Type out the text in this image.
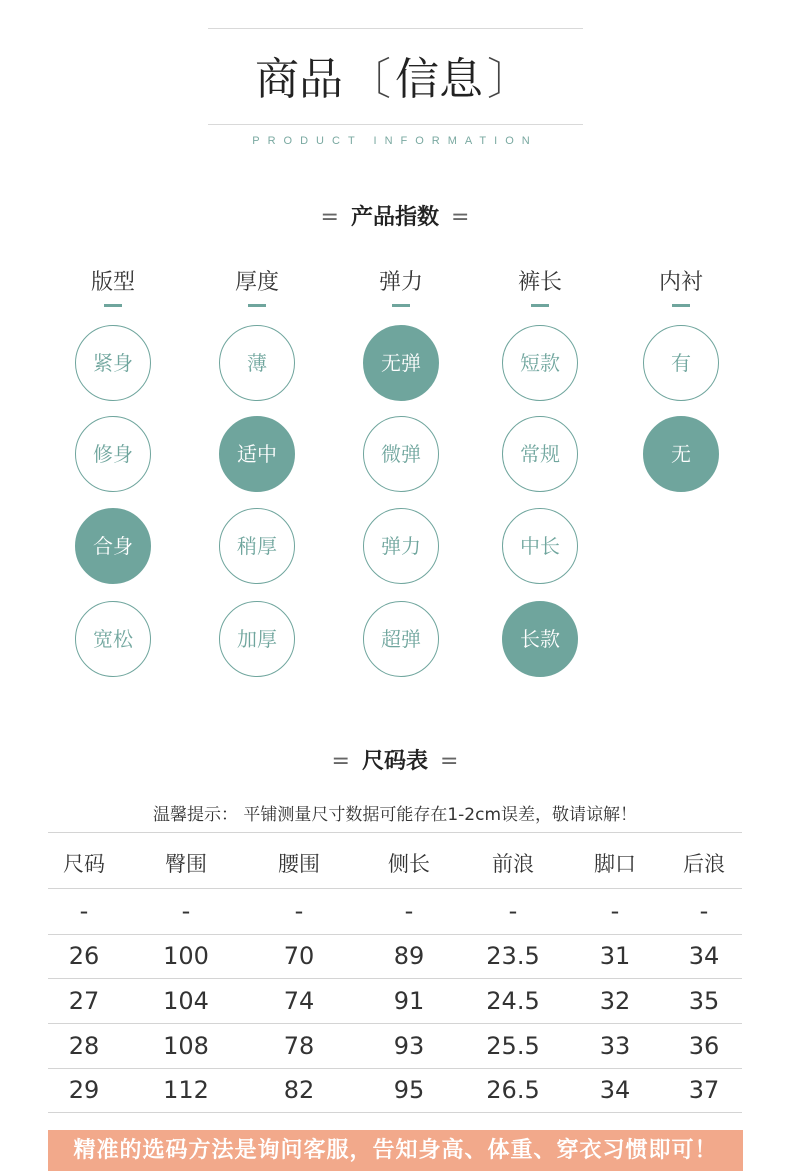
商品〔信息〕
PRODUCT INFORMATION
= 产品指数 =
版型
紧身
修身
合身
宽松
厚度
薄
适中
稍厚
加厚
弹力
无弹
微弹
弹力
超弹
裤长
短款
常规
中长
长款
内衬
有
无
= 尺码表 =
温馨提示： 平铺测量尺寸数据可能存在1-2cm误差，敬请谅解！
尺码	臀围	腰围	侧长	前浪	脚口	后浪
-	-	-	-	-	-	-
26	100	70	89	23.5	31	34
27	104	74	91	24.5	32	35
28	108	78	93	25.5	33	36
29	112	82	95	26.5	34	37
精准的选码方法是询问客服，告知身高、体重、穿衣习惯即可！
